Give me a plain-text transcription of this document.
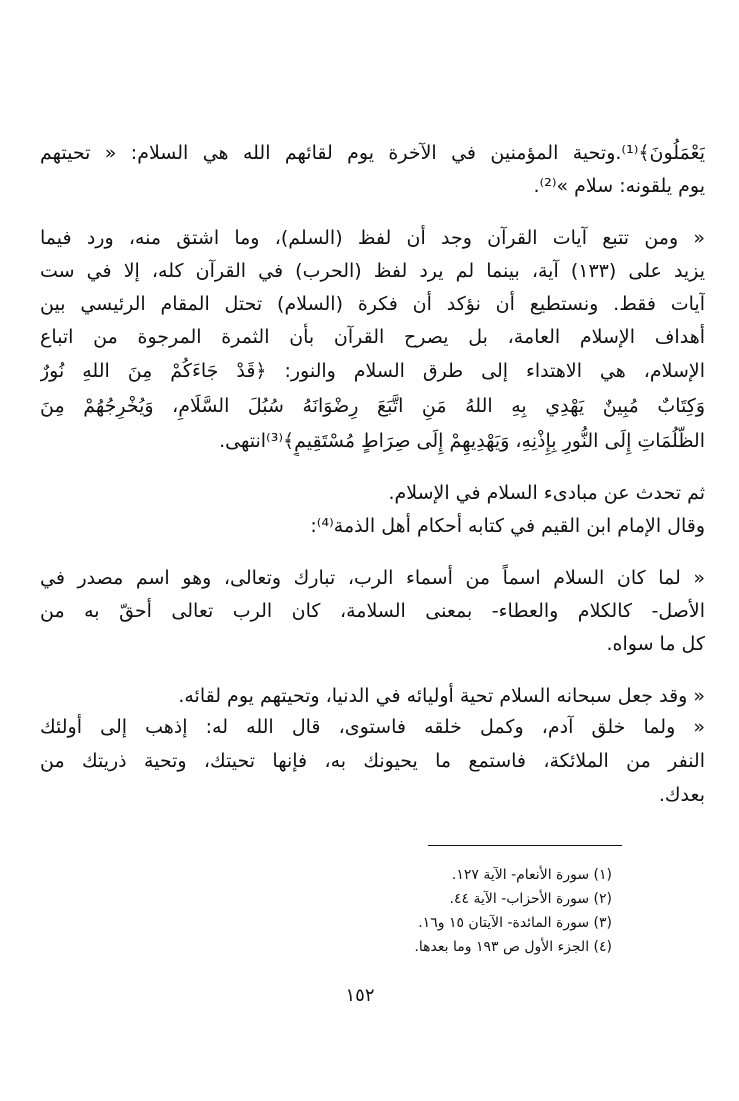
يَعْمَلُونَ﴾⁽¹⁾.وتحية المؤمنين في الآخرة يوم لقائهم الله هي السلام: « تحيتهم
يوم يلقونه: سلام »⁽²⁾.
« ومن تتبع آيات القرآن وجد أن لفظ (السلم)، وما اشتق منه، ورد فيما
يزيد على (١٣٣) آية، بينما لم يرد لفظ (الحرب) في القرآن كله، إلا في ست
آيات فقط. ونستطيع أن نؤكد أن فكرة (السلام) تحتل المقام الرئيسي بين
أهداف الإسلام العامة، بل يصرح القرآن بأن الثمرة المرجوة من اتباع
الإسلام، هي الاهتداء إلى طرق السلام والنور: ﴿قَدْ جَاءَكُمْ مِنَ اللهِ نُورٌ
وَكِتَابٌ مُبِينٌ يَهْدِي بِهِ اللهُ مَنِ اتَّبَعَ رِضْوَانَهُ سُبُلَ السَّلَامِ، وَيُخْرِجُهُمْ مِنَ
الظُّلُمَاتِ إِلَى النُّورِ بِإِذْنِهِ، وَيَهْدِيهِمْ إِلَى صِرَاطٍ مُسْتَقِيمٍ﴾⁽³⁾انتهى.
ثم تحدث عن مبادىء السلام في الإسلام.
وقال الإمام ابن القيم في كتابه أحكام أهل الذمة⁽⁴⁾:
« لما كان السلام اسماً من أسماء الرب، تبارك وتعالى، وهو اسم مصدر في
الأصل- كالكلام والعطاء- بمعنى السلامة، كان الرب تعالى أحقّ به من
كل ما سواه.
« وقد جعل سبحانه السلام تحية أوليائه في الدنيا، وتحيتهم يوم لقائه.
« ولما خلق آدم، وكمل خلقه فاستوى، قال الله له: إذهب إلى أولئك
النفر من الملائكة، فاستمع ما يحيونك به، فإنها تحيتك، وتحية ذريتك من
بعدك.
(١) سورة الأنعام- الآية ١٢٧.
(٢) سورة الأحزاب- الآية ٤٤.
(٣) سورة المائدة- الآيتان ١٥ و١٦.
(٤) الجزء الأول ص ١٩٣ وما بعدها.
١٥٢
